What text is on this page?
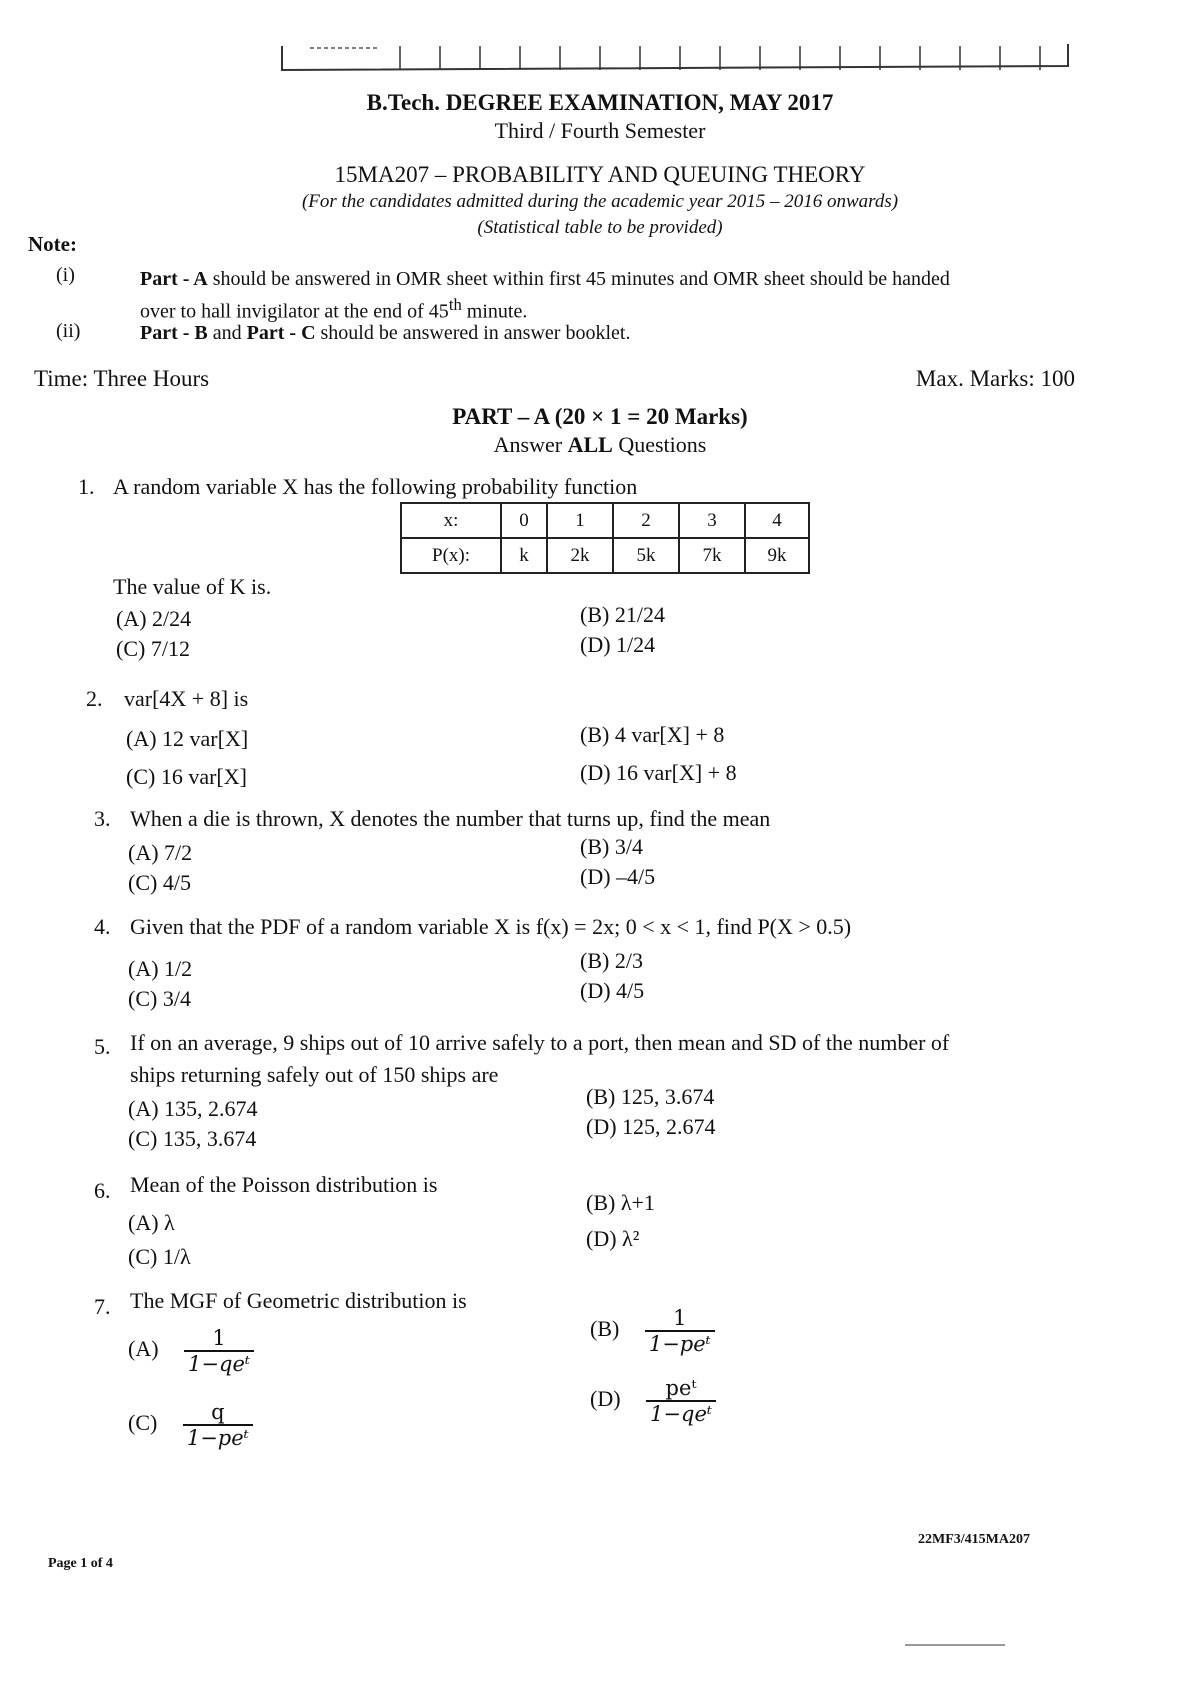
B.Tech. DEGREE EXAMINATION, MAY 2017
Third / Fourth Semester
15MA207 – PROBABILITY AND QUEUING THEORY
(For the candidates admitted during the academic year 2015 – 2016 onwards)
(Statistical table to be provided)
Note:
(i)	Part - A should be answered in OMR sheet within first 45 minutes and OMR sheet should be handed
over to hall invigilator at the end of 45th minute.
(ii)	Part - B and Part - C should be answered in answer booklet.
Time: Three Hours	Max. Marks: 100
PART – A (20 × 1 = 20 Marks)
Answer ALL Questions
1. A random variable X has the following probability function
x:	0	1	2	3	4
P(x):	k	2k	5k	7k	9k
The value of K is.
(A) 2/24	(B) 21/24
(C) 7/12	(D) 1/24
2. var[4X + 8] is
(A) 12 var[X]	(B) 4 var[X] + 8
(C) 16 var[X]	(D) 16 var[X] + 8
3. When a die is thrown, X denotes the number that turns up, find the mean
(A) 7/2	(B) 3/4
(C) 4/5	(D) –4/5
4. Given that the PDF of a random variable X is f(x) = 2x; 0 < x < 1, find P(X > 0.5)
(A) 1/2	(B) 2/3
(C) 3/4	(D) 4/5
5. If on an average, 9 ships out of 10 arrive safely to a port, then mean and SD of the number of
ships returning safely out of 150 ships are
(A) 135, 2.674	(B) 125, 3.674
(C) 135, 3.674	(D) 125, 2.674
6. Mean of the Poisson distribution is
(A) λ
(B) λ+1
(C) 1/λ
(D) λ²
7. The MGF of Geometric distribution is
$(A) \frac{1}{\text{1−qeᵗ}}$	$(B) \frac{1}{\text{1−peᵗ}}$
$(C) \frac{q}{\text{1−peᵗ}}$
$(D) \frac{\text{peᵗ}}{\text{1−qeᵗ}}$
22MF3/415MA207
Page 1 of 4
